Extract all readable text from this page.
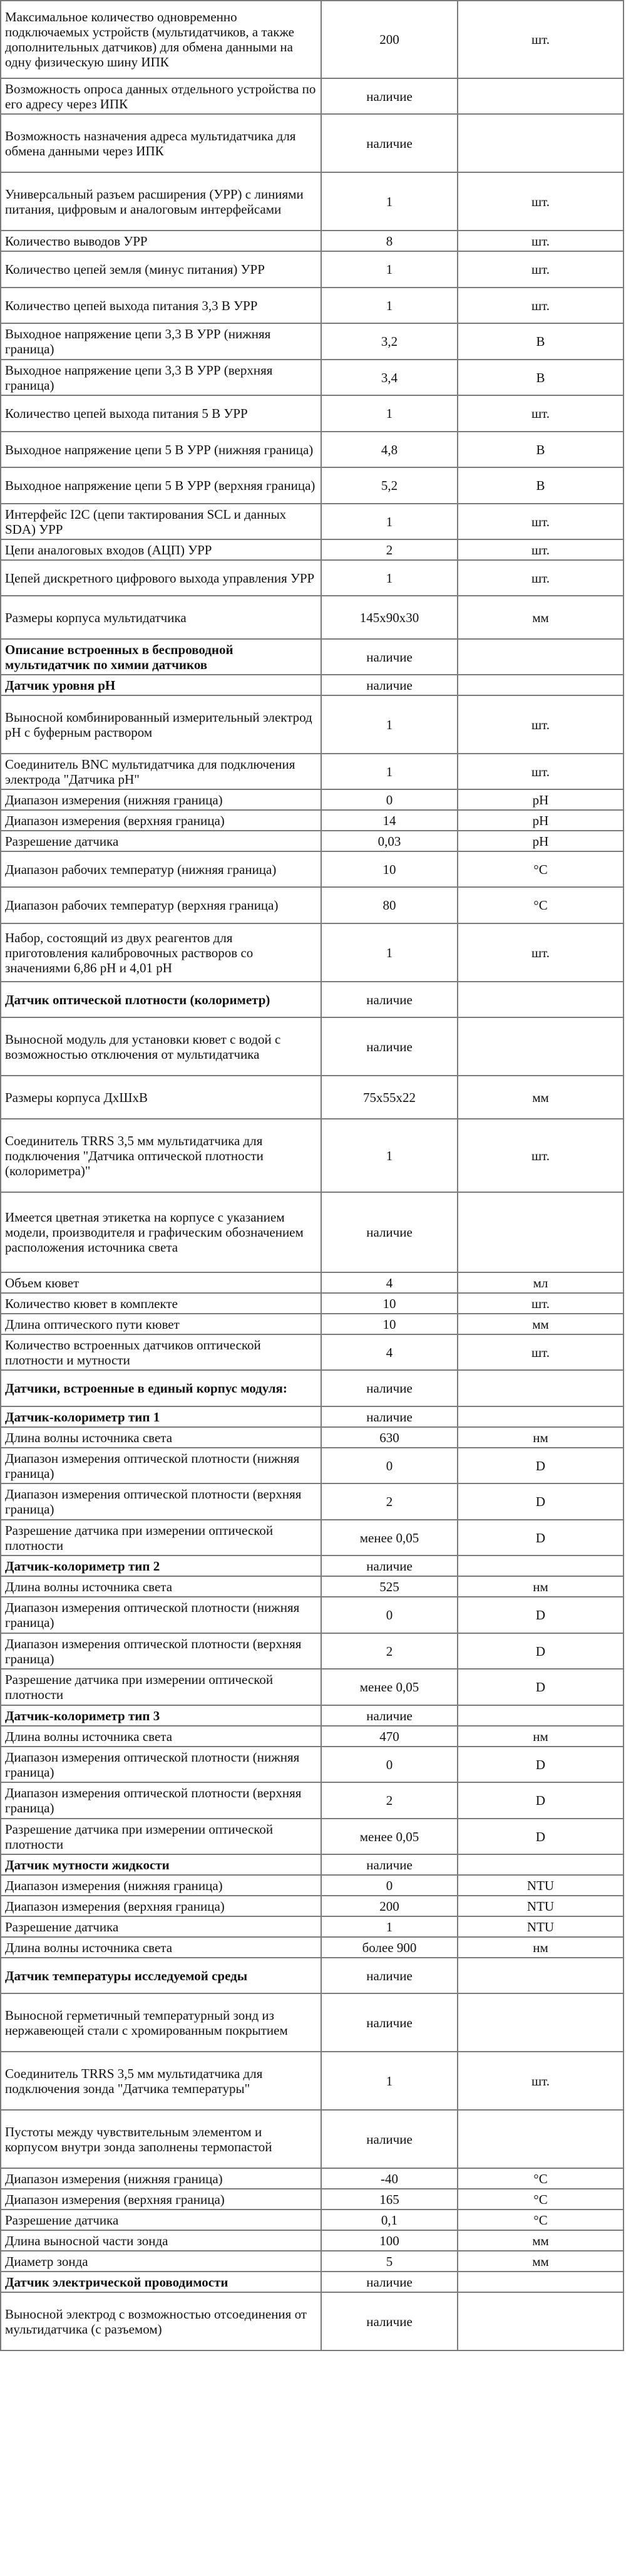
Максимальное количество одновременно подключаемых устройств (мультидатчиков, а также дополнительных датчиков) для обмена данными на одну физическую шину ИПК	200	шт.
Возможность опроса данных отдельного устройства по его адресу через ИПК	наличие	
Возможность назначения адреса мультидатчика для обмена данными через ИПК	наличие	
Универсальный разъем расширения (УРР) с линиями питания, цифровым и аналоговым интерфейсами	1	шт.
Количество выводов УРР	8	шт.
Количество цепей земля (минус питания) УРР	1	шт.
Количество цепей выхода питания 3,3 В УРР	1	шт.
Выходное напряжение цепи 3,3 В УРР (нижняя граница)	3,2	В
Выходное напряжение цепи 3,3 В УРР (верхняя граница)	3,4	В
Количество цепей выхода питания 5 В УРР	1	шт.
Выходное напряжение цепи 5 В УРР (нижняя граница)	4,8	В
Выходное напряжение цепи 5 В УРР (верхняя граница)	5,2	В
Интерфейс I2C (цепи тактирования SCL и данных SDA) УРР	1	шт.
Цепи аналоговых входов (АЦП) УРР	2	шт.
Цепей дискретного цифрового выхода управления УРР	1	шт.
Размеры корпуса мультидатчика	145x90x30	мм
Описание встроенных в беспроводной мультидатчик по химии датчиков	наличие	
Датчик уровня pH	наличие	
Выносной комбинированный измерительный электрод pH с буферным раствором	1	шт.
Соединитель BNC мультидатчика для подключения электрода "Датчика pH"	1	шт.
Диапазон измерения (нижняя граница)	0	pH
Диапазон измерения (верхняя граница)	14	pH
Разрешение датчика	0,03	pH
Диапазон рабочих температур (нижняя граница)	10	°C
Диапазон рабочих температур (верхняя граница)	80	°C
Набор, состоящий из двух реагентов для приготовления калибровочных растворов со значениями 6,86 pH и 4,01 pH	1	шт.
Датчик оптической плотности (колориметр)	наличие	
Выносной модуль для установки кювет с водой с возможностью отключения от мультидатчика	наличие	
Размеры корпуса ДхШхВ	75x55x22	мм
Соединитель TRRS 3,5 мм мультидатчика для подключения "Датчика оптической плотности (колориметра)"	1	шт.
Имеется цветная этикетка на корпусе с указанием модели, производителя и графическим обозначением расположения источника света	наличие	
Объем кювет	4	мл
Количество кювет в комплекте	10	шт.
Длина оптического пути кювет	10	мм
Количество встроенных датчиков оптической плотности и мутности	4	шт.
Датчики, встроенные в единый корпус модуля:	наличие	
Датчик-колориметр тип 1	наличие	
Длина волны источника света	630	нм
Диапазон измерения оптической плотности (нижняя граница)	0	D
Диапазон измерения оптической плотности (верхняя граница)	2	D
Разрешение датчика при измерении оптической плотности	менее 0,05	D
Датчик-колориметр тип 2	наличие	
Длина волны источника света	525	нм
Диапазон измерения оптической плотности (нижняя граница)	0	D
Диапазон измерения оптической плотности (верхняя граница)	2	D
Разрешение датчика при измерении оптической плотности	менее 0,05	D
Датчик-колориметр тип 3	наличие	
Длина волны источника света	470	нм
Диапазон измерения оптической плотности (нижняя граница)	0	D
Диапазон измерения оптической плотности (верхняя граница)	2	D
Разрешение датчика при измерении оптической плотности	менее 0,05	D
Датчик мутности жидкости	наличие	
Диапазон измерения (нижняя граница)	0	NTU
Диапазон измерения (верхняя граница)	200	NTU
Разрешение датчика	1	NTU
Длина волны источника света	более 900	нм
Датчик температуры исследуемой среды	наличие	
Выносной герметичный температурный зонд из нержавеющей стали с хромированным покрытием	наличие	
Соединитель TRRS 3,5 мм мультидатчика для подключения зонда "Датчика температуры"	1	шт.
Пустоты между чувствительным элементом и корпусом внутри зонда заполнены термопастой	наличие	
Диапазон измерения (нижняя граница)	-40	°C
Диапазон измерения (верхняя граница)	165	°C
Разрешение датчика	0,1	°C
Длина выносной части зонда	100	мм
Диаметр зонда	5	мм
Датчик электрической проводимости	наличие	
Выносной электрод с возможностью отсоединения от мультидатчика (с разъемом)	наличие	
